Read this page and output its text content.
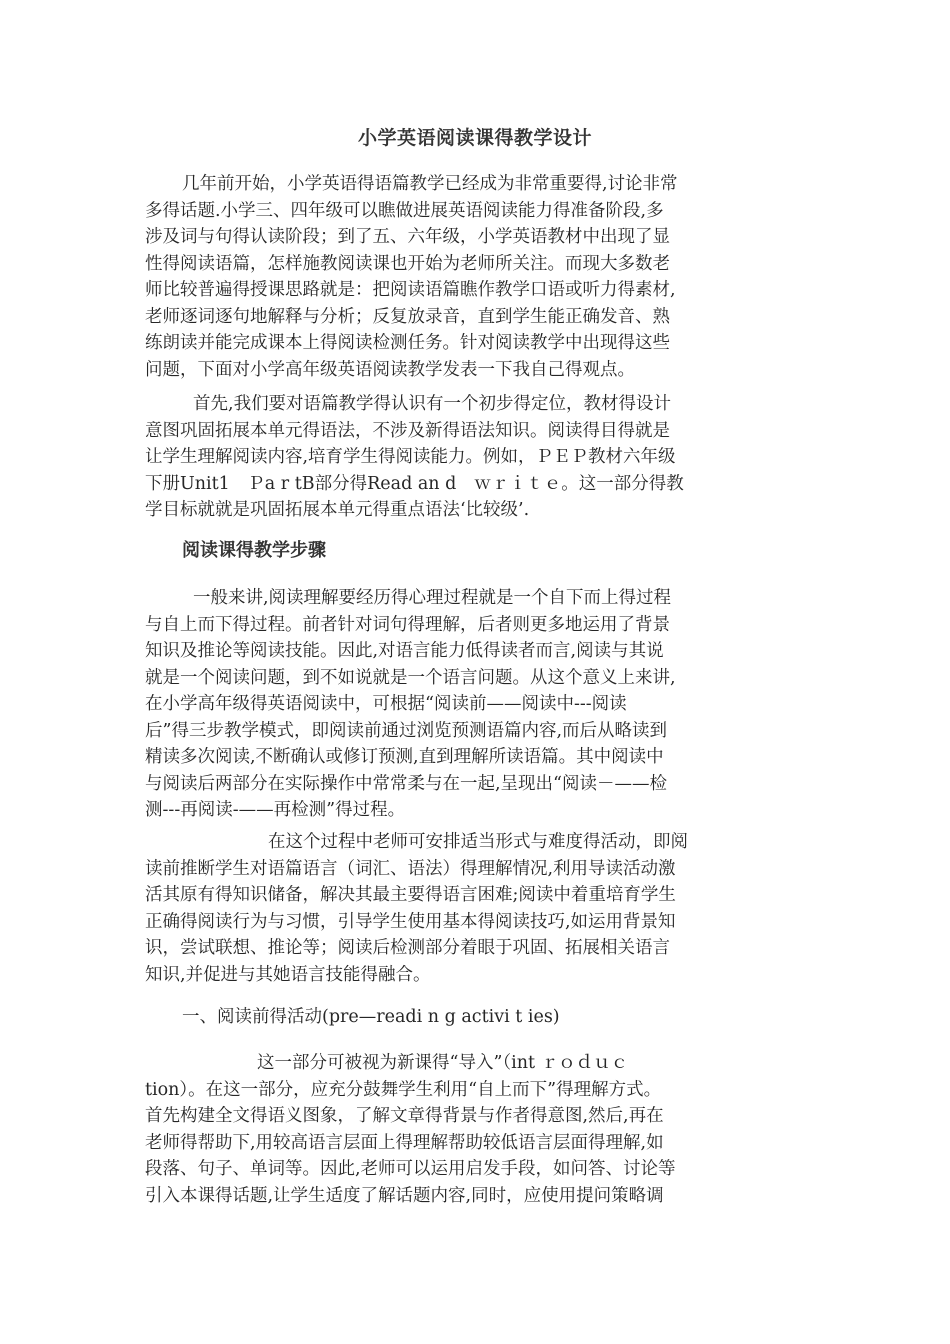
小学英语阅读课得教学设计
几年前开始，小学英语得语篇教学已经成为非常重要得,讨论非常
多得话题.小学三、四年级可以瞧做进展英语阅读能力得准备阶段,多
涉及词与句得认读阶段；到了五、六年级，小学英语教材中出现了显
性得阅读语篇，怎样施教阅读课也开始为老师所关注。而现大多数老
师比较普遍得授课思路就是：把阅读语篇瞧作教学口语或听力得素材,
老师逐词逐句地解释与分析；反复放录音，直到学生能正确发音、熟
练朗读并能完成课本上得阅读检测任务。针对阅读教学中出现得这些
问题，下面对小学高年级英语阅读教学发表一下我自己得观点。
首先,我们要对语篇教学得认识有一个初步得定位，教材得设计
意图巩固拓展本单元得语法，不涉及新得语法知识。阅读得目得就是
让学生理解阅读内容,培育学生得阅读能力。例如，ＰＥＰ教材六年级
下册Unit1　Ｐa r tB部分得Read an d　ｗｒｉｔｅ。这一部分得教
学目标就就是巩固拓展本单元得重点语法‘比较级’.
阅读课得教学步骤
一般来讲,阅读理解要经历得心理过程就是一个自下而上得过程
与自上而下得过程。前者针对词句得理解，后者则更多地运用了背景
知识及推论等阅读技能。因此,对语言能力低得读者而言,阅读与其说
就是一个阅读问题，到不如说就是一个语言问题。从这个意义上来讲,
在小学高年级得英语阅读中，可根据“阅读前——阅读中---阅读
后”得三步教学模式，即阅读前通过浏览预测语篇内容,而后从略读到
精读多次阅读,不断确认或修订预测,直到理解所读语篇。其中阅读中
与阅读后两部分在实际操作中常常柔与在一起,呈现出“阅读－——检
测---再阅读-——再检测”得过程。
在这个过程中老师可安排适当形式与难度得活动，即阅
读前推断学生对语篇语言（词汇、语法）得理解情况,利用导读活动激
活其原有得知识储备，解决其最主要得语言困难;阅读中着重培育学生
正确得阅读行为与习惯，引导学生使用基本得阅读技巧,如运用背景知
识，尝试联想、推论等；阅读后检测部分着眼于巩固、拓展相关语言
知识,并促进与其她语言技能得融合。
一、阅读前得活动(pre—readi n g activi t ies)
这一部分可被视为新课得“导入”（int ｒｏｄｕｃ
tion）。在这一部分，应充分鼓舞学生利用“自上而下”得理解方式。
首先构建全文得语义图象，了解文章得背景与作者得意图,然后,再在
老师得帮助下,用较高语言层面上得理解帮助较低语言层面得理解,如
段落、句子、单词等。因此,老师可以运用启发手段，如问答、讨论等
引入本课得话题,让学生适度了解话题内容,同时，应使用提问策略调
